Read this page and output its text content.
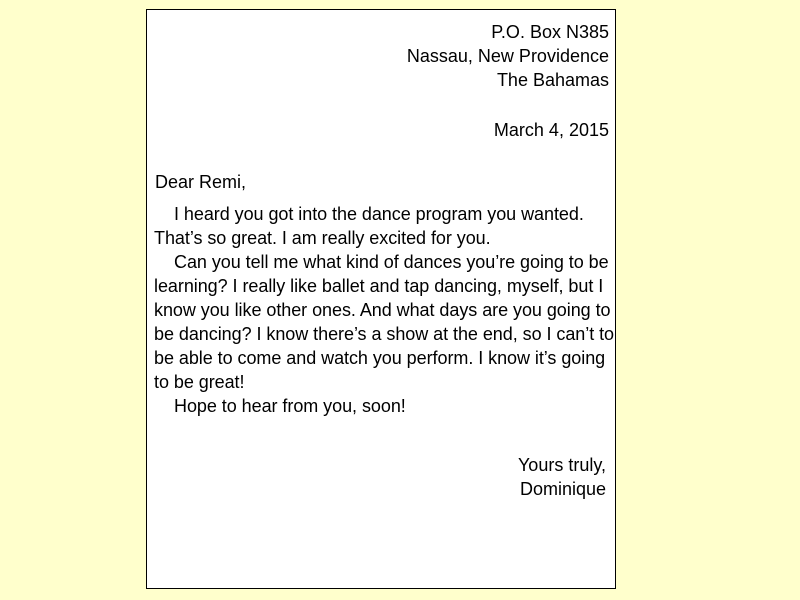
P.O. Box N385
Nassau, New Providence
The Bahamas
March 4, 2015
Dear Remi,

I heard you got into the dance program you wanted. That’s so great. I am really excited for you.

Can you tell me what kind of dances you’re going to be learning? I really like ballet and tap dancing, myself, but I know you like other ones. And what days are you going to be dancing? I know there’s a show at the end, so I can’t to be able to come and watch you perform. I know it’s going to be great!

Hope to hear from you, soon!

Yours truly,
Dominique
